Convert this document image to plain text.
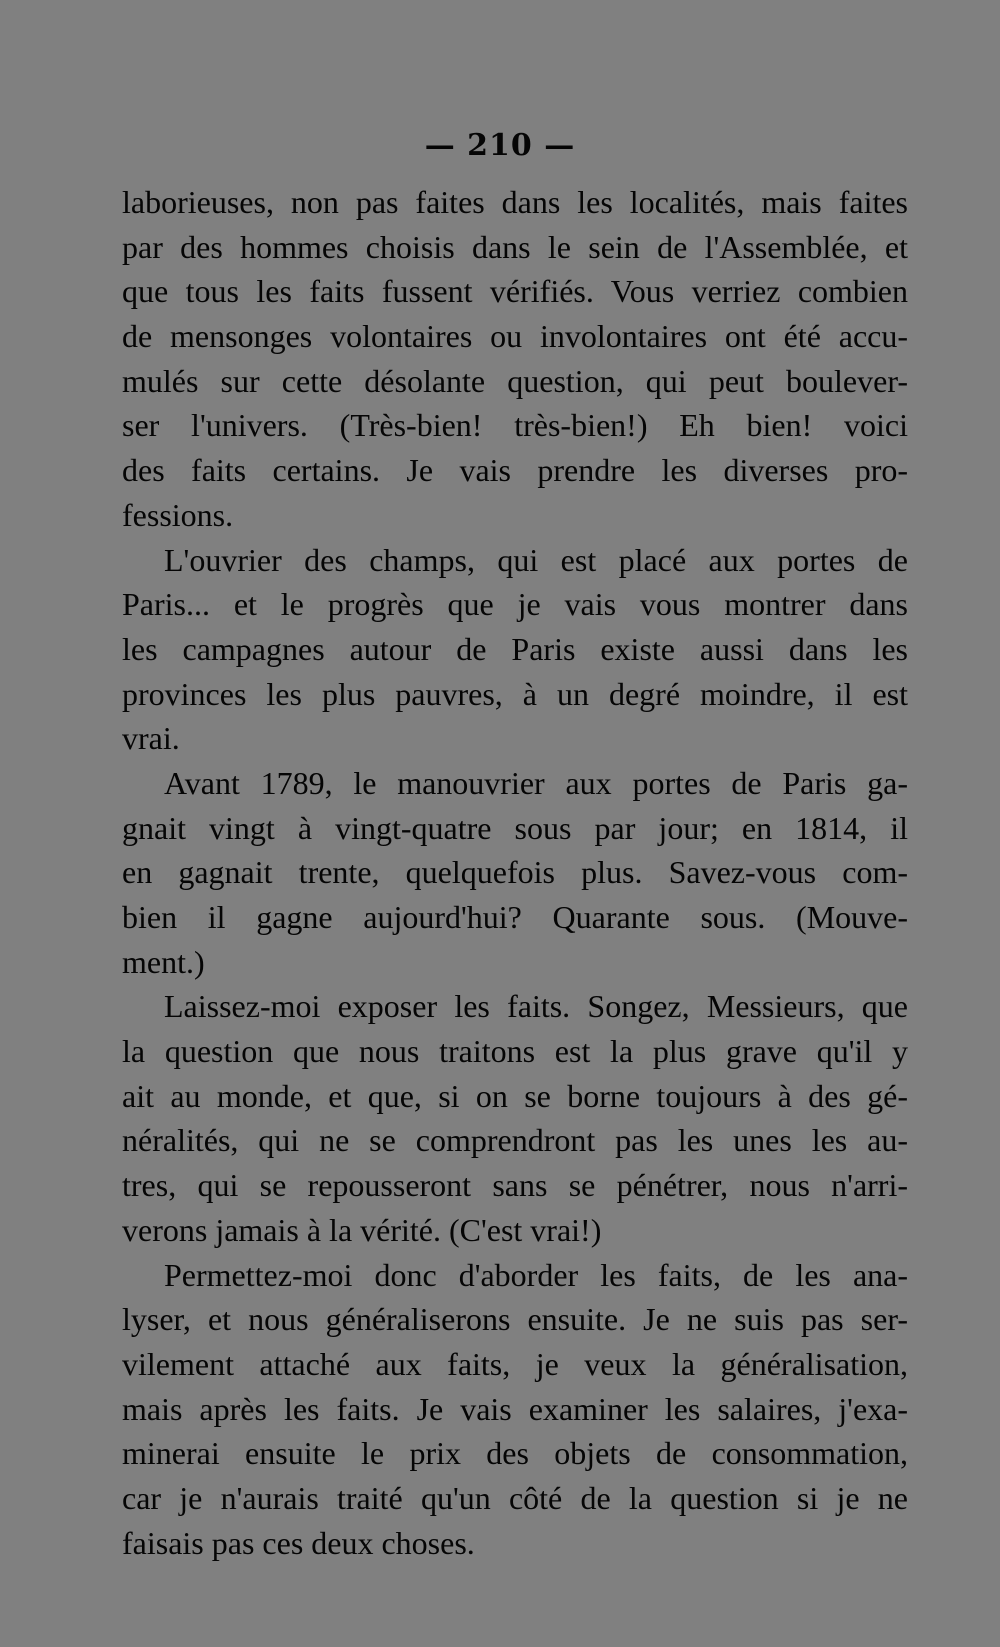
— 210 —
laborieuses, non pas faites dans les localités, mais faites
par des hommes choisis dans le sein de l'Assemblée, et
que tous les faits fussent vérifiés. Vous verriez combien
de mensonges volontaires ou involontaires ont été accu-
mulés sur cette désolante question, qui peut boulever-
ser l'univers. (Très-bien! très-bien!) Eh bien! voici
des faits certains. Je vais prendre les diverses pro-
fessions.
L'ouvrier des champs, qui est placé aux portes de
Paris... et le progrès que je vais vous montrer dans
les campagnes autour de Paris existe aussi dans les
provinces les plus pauvres, à un degré moindre, il est
vrai.
Avant 1789, le manouvrier aux portes de Paris ga-
gnait vingt à vingt-quatre sous par jour; en 1814, il
en gagnait trente, quelquefois plus. Savez-vous com-
bien il gagne aujourd'hui? Quarante sous. (Mouve-
ment.)
Laissez-moi exposer les faits. Songez, Messieurs, que
la question que nous traitons est la plus grave qu'il y
ait au monde, et que, si on se borne toujours à des gé-
néralités, qui ne se comprendront pas les unes les au-
tres, qui se repousseront sans se pénétrer, nous n'arri-
verons jamais à la vérité. (C'est vrai!)
Permettez-moi donc d'aborder les faits, de les ana-
lyser, et nous généraliserons ensuite. Je ne suis pas ser-
vilement attaché aux faits, je veux la généralisation,
mais après les faits. Je vais examiner les salaires, j'exa-
minerai ensuite le prix des objets de consommation,
car je n'aurais traité qu'un côté de la question si je ne
faisais pas ces deux choses.
